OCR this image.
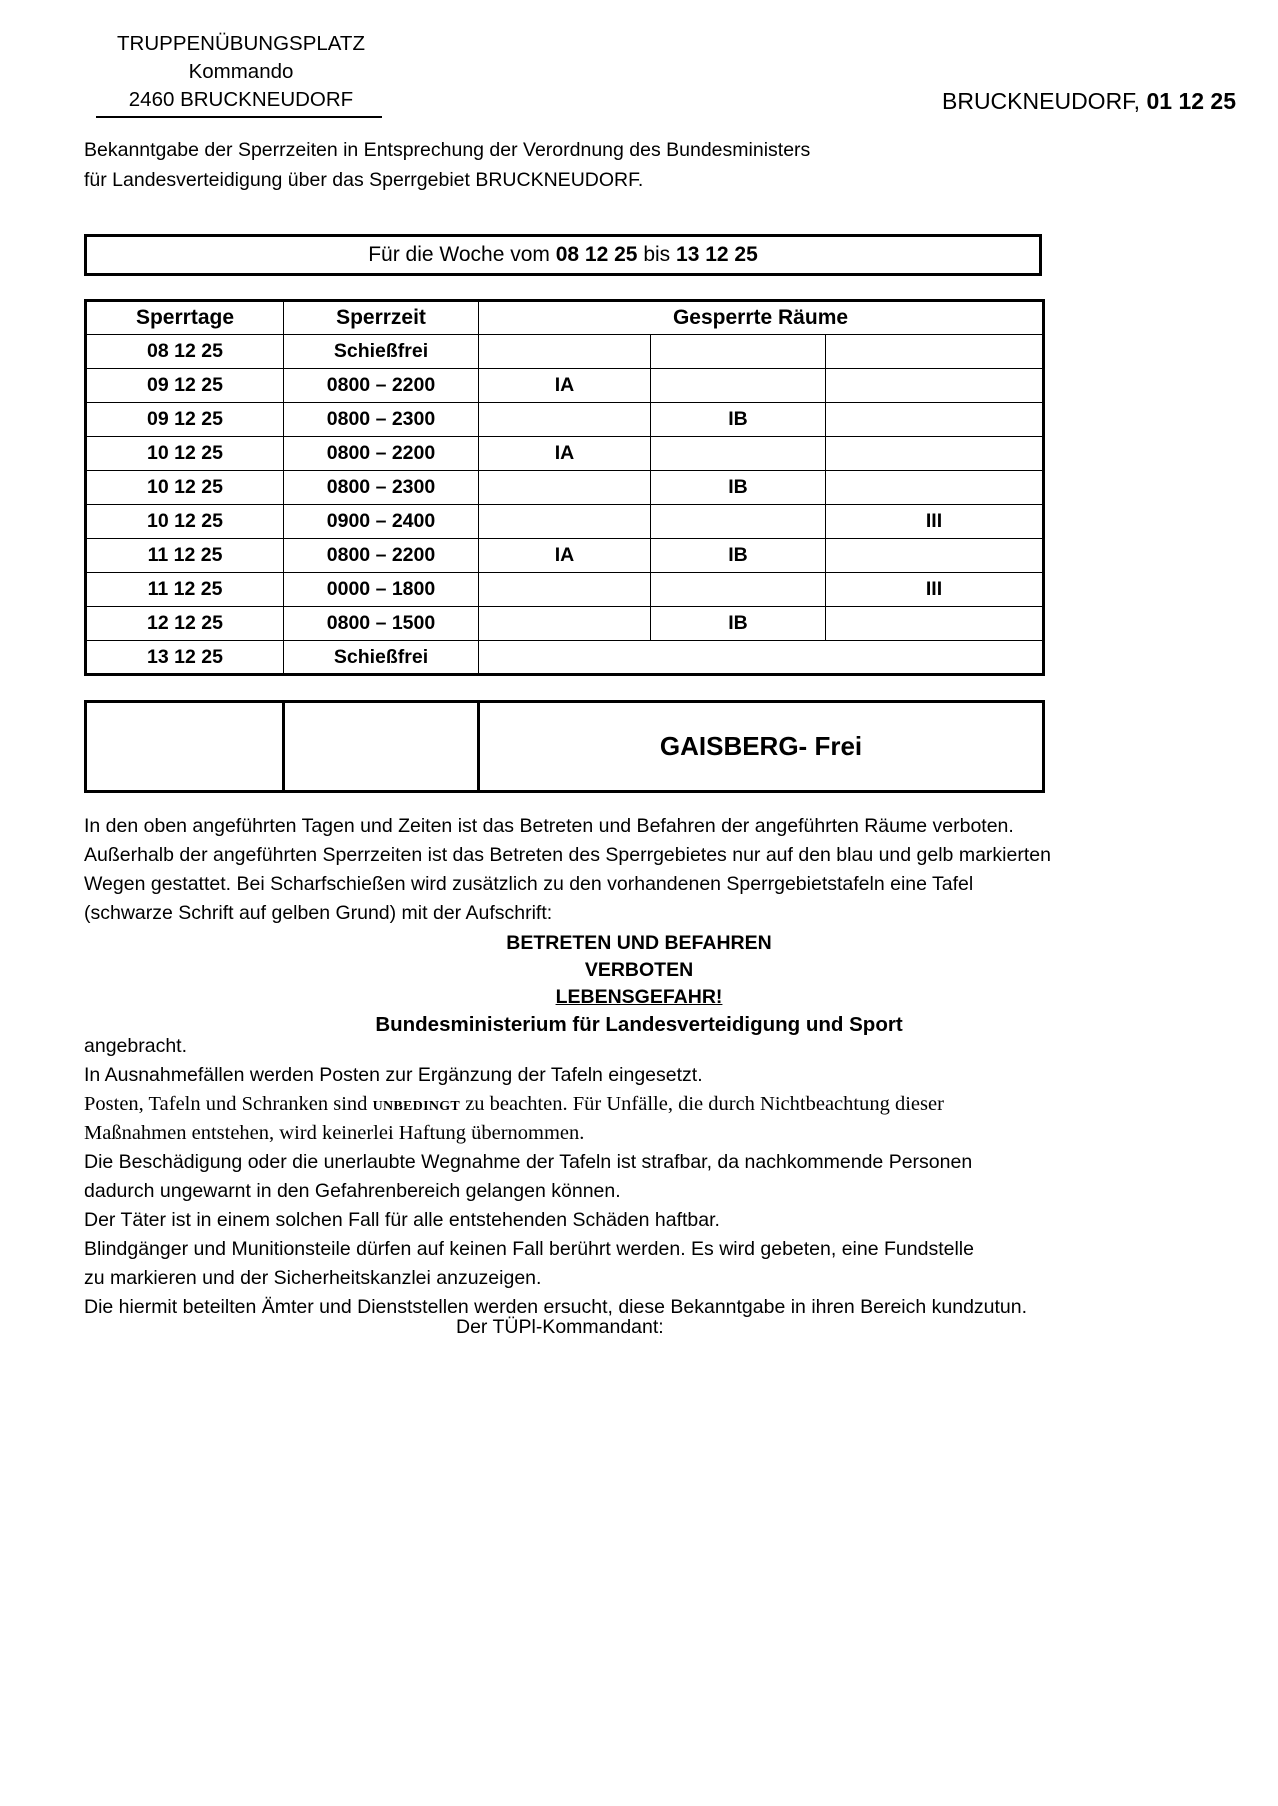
TRUPPENÜBUNGSPLATZ
Kommando
2460 BRUCKNEUDORF	BRUCKNEUDORF, 01 12 25
Bekanntgabe der Sperrzeiten in Entsprechung der Verordnung des Bundesministers
für Landesverteidigung über das Sperrgebiet BRUCKNEUDORF.
Für die Woche vom
08 12 25
bis
13 12 25
Sperrtage	Sperrzeit	Gesperrte Räume		
08 12 25	Schießfrei			
09 12 25	0800 – 2200	IA		
09 12 25	0800 – 2300		IB	
10 12 25	0800 – 2200	IA		
10 12 25	0800 – 2300		IB	
10 12 25	0900 – 2400			III
11 12 25	0800 – 2200	IA	IB	
11 12 25	0000 – 1800			III
12 12 25	0800 – 1500		IB	
13 12 25	Schießfrei			
		GAISBERG- Frei
In den oben angeführten Tagen und Zeiten ist das Betreten und Befahren der angeführten Räume verboten.
Außerhalb der angeführten Sperrzeiten ist das Betreten des Sperrgebietes nur auf den blau und gelb markierten
Wegen gestattet. Bei Scharfschießen wird zusätzlich zu den vorhandenen Sperrgebietstafeln eine Tafel
(schwarze Schrift auf gelben Grund) mit der Aufschrift:
BETRETEN UND BEFAHREN
VERBOTEN
LEBENSGEFAHR!
Bundesministerium für Landesverteidigung und Sport
angebracht.
In Ausnahmefällen werden Posten zur Ergänzung der Tafeln eingesetzt.
Posten, Tafeln und Schranken sind unbedingt zu beachten. Für Unfälle, die durch Nichtbeachtung dieser
Maßnahmen entstehen, wird keinerlei Haftung übernommen.
Die Beschädigung oder die unerlaubte Wegnahme der Tafeln ist strafbar, da nachkommende Personen
dadurch ungewarnt in den Gefahrenbereich gelangen können.
Der Täter ist in einem solchen Fall für alle entstehenden Schäden haftbar.
Blindgänger und Munitionsteile dürfen auf keinen Fall berührt werden. Es wird gebeten, eine Fundstelle
zu markieren und der Sicherheitskanzlei anzuzeigen.
Die hiermit beteilten Ämter und Dienststellen werden ersucht, diese Bekanntgabe in ihren Bereich kundzutun.
Der TÜPl-Kommandant:
